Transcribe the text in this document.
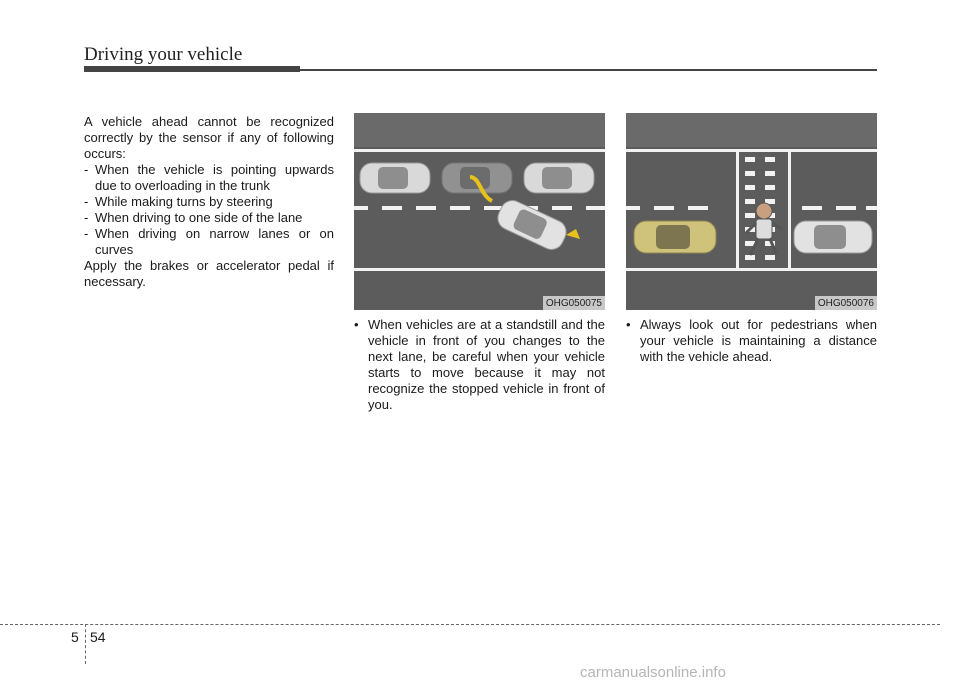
Driving your vehicle

A vehicle ahead cannot be recognized correctly by the sensor if any of following occurs:

- When the vehicle is pointing upwards due to overloading in the trunk
- While making turns by steering
- When driving to one side of the lane
- When driving on narrow lanes or on curves

Apply the brakes or accelerator pedal if necessary.

OHG050075	OHG050076
• When vehicles are at a standstill and the vehicle in front of you changes to the next lane, be careful when your vehicle starts to move because it may not recognize the stopped vehicle in front of you.
• Always look out for pedestrians when your vehicle is maintaining a distance with the vehicle ahead.
5 54
carmanualsonline.info
